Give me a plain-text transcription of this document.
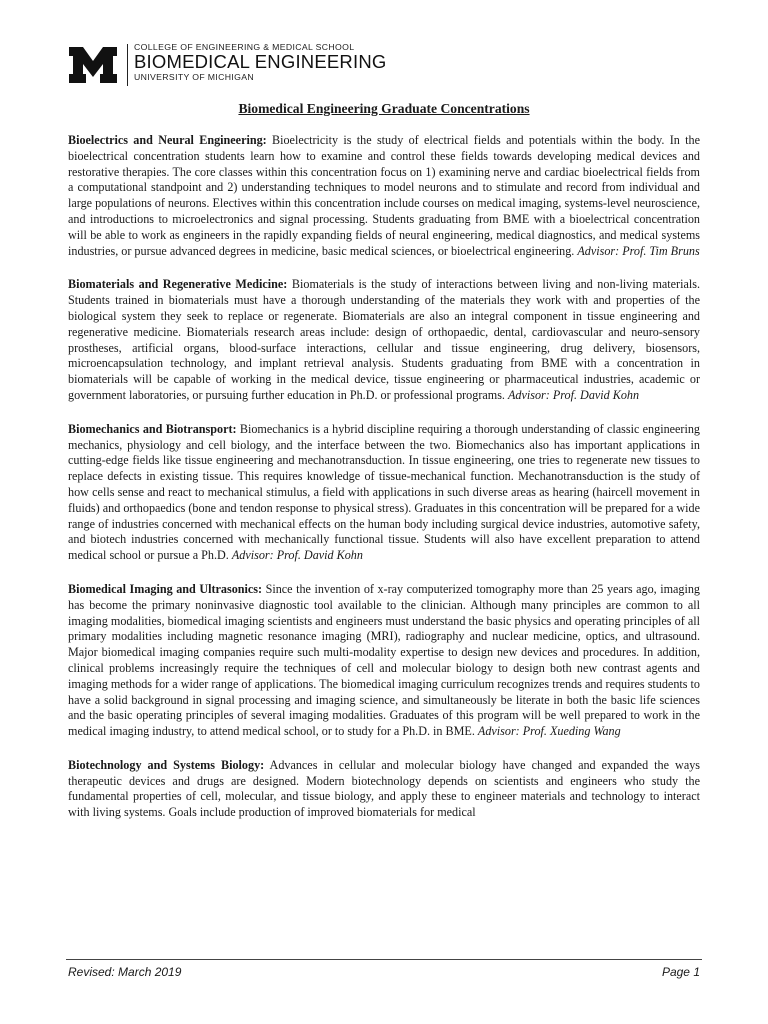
COLLEGE OF ENGINEERING & MEDICAL SCHOOL
BIOMEDICAL ENGINEERING
UNIVERSITY OF MICHIGAN
Biomedical Engineering Graduate Concentrations

Bioelectrics and Neural Engineering: Bioelectricity is the study of electrical fields and potentials within the body. In the bioelectrical concentration students learn how to examine and control these fields towards developing medical devices and restorative therapies. The core classes within this concentration focus on 1) examining nerve and cardiac bioelectrical fields from a computational standpoint and 2) understanding techniques to model neurons and to stimulate and record from individual and large populations of neurons. Electives within this concentration include courses on medical imaging, systems-level neuroscience, and introductions to microelectronics and signal processing. Students graduating from BME with a bioelectrical concentration will be able to work as engineers in the rapidly expanding fields of neural engineering, medical diagnostics, and medical systems industries, or pursue advanced degrees in medicine, basic medical sciences, or bioelectrical engineering. Advisor: Prof. Tim Bruns

Biomaterials and Regenerative Medicine: Biomaterials is the study of interactions between living and non-living materials. Students trained in biomaterials must have a thorough understanding of the materials they work with and properties of the biological system they seek to replace or regenerate. Biomaterials are also an integral component in tissue engineering and regenerative medicine. Biomaterials research areas include: design of orthopaedic, dental, cardiovascular and neuro-sensory prostheses, artificial organs, blood-surface interactions, cellular and tissue engineering, drug delivery, biosensors, microencapsulation technology, and implant retrieval analysis. Students graduating from BME with a concentration in biomaterials will be capable of working in the medical device, tissue engineering or pharmaceutical industries, academic or government laboratories, or pursuing further education in Ph.D. or professional programs. Advisor: Prof. David Kohn

Biomechanics and Biotransport: Biomechanics is a hybrid discipline requiring a thorough understanding of classic engineering mechanics, physiology and cell biology, and the interface between the two. Biomechanics also has important applications in cutting-edge fields like tissue engineering and mechanotransduction. In tissue engineering, one tries to regenerate new tissues to replace defects in existing tissue. This requires knowledge of tissue-mechanical function. Mechanotransduction is the study of how cells sense and react to mechanical stimulus, a field with applications in such diverse areas as hearing (haircell movement in fluids) and orthopaedics (bone and tendon response to physical stress). Graduates in this concentration will be prepared for a wide range of industries concerned with mechanical effects on the human body including surgical device industries, automotive safety, and biotech industries concerned with mechanically functional tissue. Students will also have excellent preparation to attend medical school or pursue a Ph.D. Advisor: Prof. David Kohn

Biomedical Imaging and Ultrasonics: Since the invention of x-ray computerized tomography more than 25 years ago, imaging has become the primary noninvasive diagnostic tool available to the clinician. Although many principles are common to all imaging modalities, biomedical imaging scientists and engineers must understand the basic physics and operating principles of all primary modalities including magnetic resonance imaging (MRI), radiography and nuclear medicine, optics, and ultrasound. Major biomedical imaging companies require such multi-modality expertise to design new devices and procedures. In addition, clinical problems increasingly require the techniques of cell and molecular biology to design both new contrast agents and imaging methods for a wider range of applications. The biomedical imaging curriculum recognizes trends and requires students to have a solid background in signal processing and imaging science, and simultaneously be literate in both the basic life sciences and the basic operating principles of several imaging modalities. Graduates of this program will be well prepared to work in the medical imaging industry, to attend medical school, or to study for a Ph.D. in BME. Advisor: Prof. Xueding Wang

Biotechnology and Systems Biology: Advances in cellular and molecular biology have changed and expanded the ways therapeutic devices and drugs are designed. Modern biotechnology depends on scientists and engineers who study the fundamental properties of cell, molecular, and tissue biology, and apply these to engineer materials and technology to interact with living systems. Goals include production of improved biomaterials for medical

Revised: March 2019	Page 1
